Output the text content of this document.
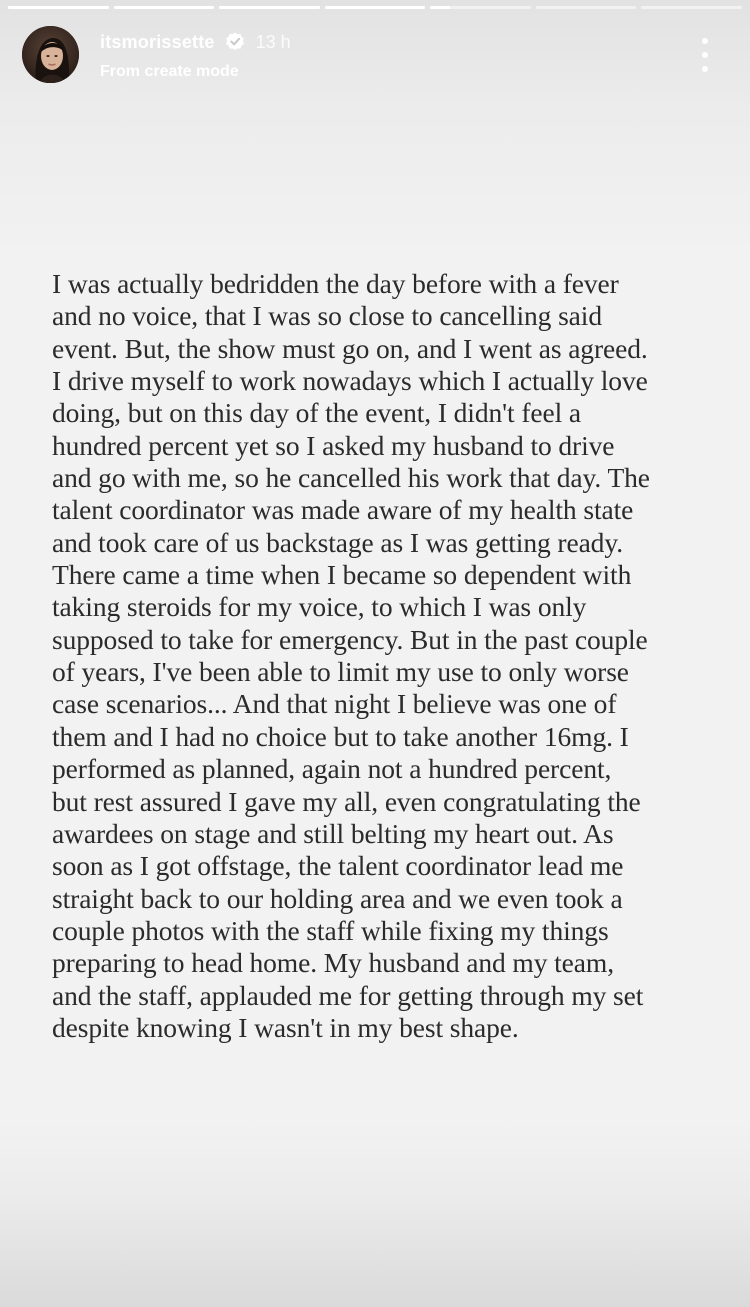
itsmorissette 13 h
From create mode
I was actually bedridden the day before with a fever
and no voice, that I was so close to cancelling said
event. But, the show must go on, and I went as agreed.
I drive myself to work nowadays which I actually love
doing, but on this day of the event, I didn't feel a
hundred percent yet so I asked my husband to drive
and go with me, so he cancelled his work that day. The
talent coordinator was made aware of my health state
and took care of us backstage as I was getting ready.
There came a time when I became so dependent with
taking steroids for my voice, to which I was only
supposed to take for emergency. But in the past couple
of years, I've been able to limit my use to only worse
case scenarios... And that night I believe was one of
them and I had no choice but to take another 16mg. I
performed as planned, again not a hundred percent,
but rest assured I gave my all, even congratulating the
awardees on stage and still belting my heart out. As
soon as I got offstage, the talent coordinator lead me
straight back to our holding area and we even took a
couple photos with the staff while fixing my things
preparing to head home. My husband and my team,
and the staff, applauded me for getting through my set
despite knowing I wasn't in my best shape.
